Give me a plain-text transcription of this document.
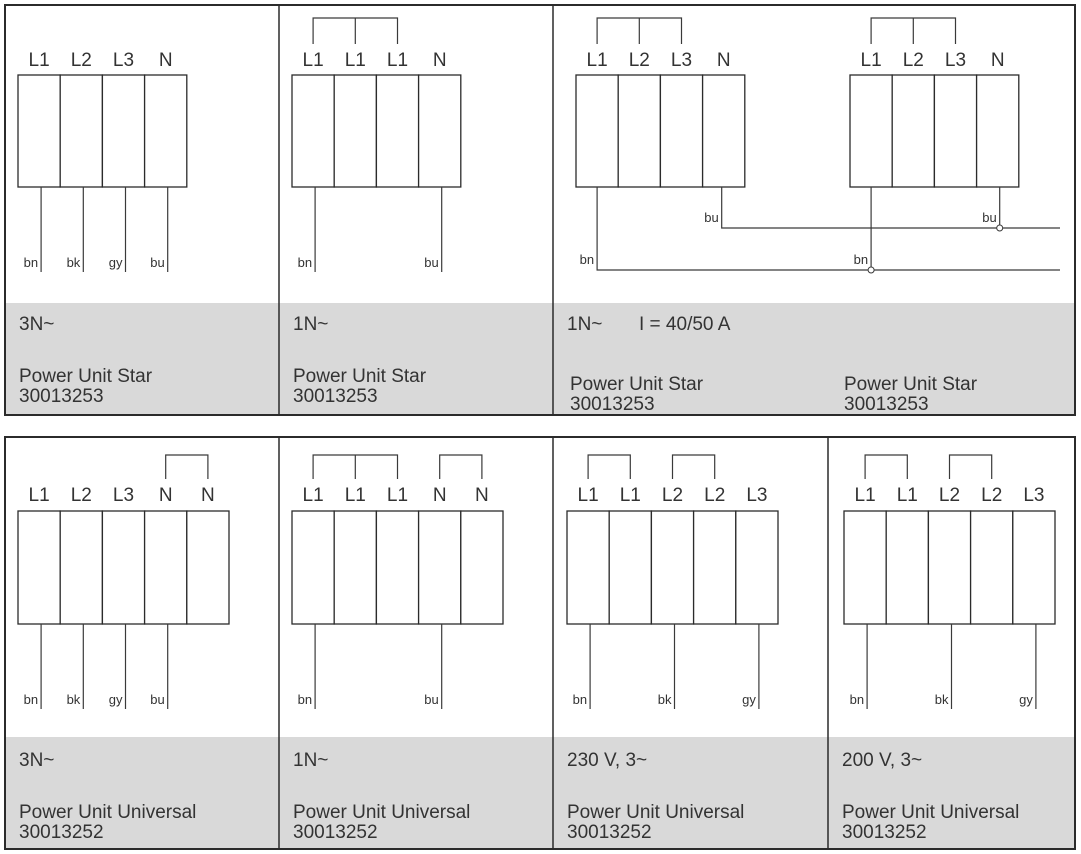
L1 L2 L3 N
bn bk gy bu
3N~
Power Unit Star
30013253
L1 L1 L1 N
bn	bu
1N~
Power Unit Star
30013253
L1 L2 L3 N
Power Unit Star
30013253
L1 L2 L3 N
Power Unit Star
30013253
bu	bu
bn	bn
1N~ I = 40/50 A
L1 L2 L3 N N
bn bk gy bu
3N~
Power Unit Universal
30013252
L1 L1 L1 N N
bn	bu
1N~
Power Unit Universal
30013252
L1 L1 L2 L2 L3
bn	bk	gy
230 V, 3~
Power Unit Universal
30013252
L1 L1 L2 L2 L3
bn	bk	gy
200 V, 3~
Power Unit Universal
30013252
